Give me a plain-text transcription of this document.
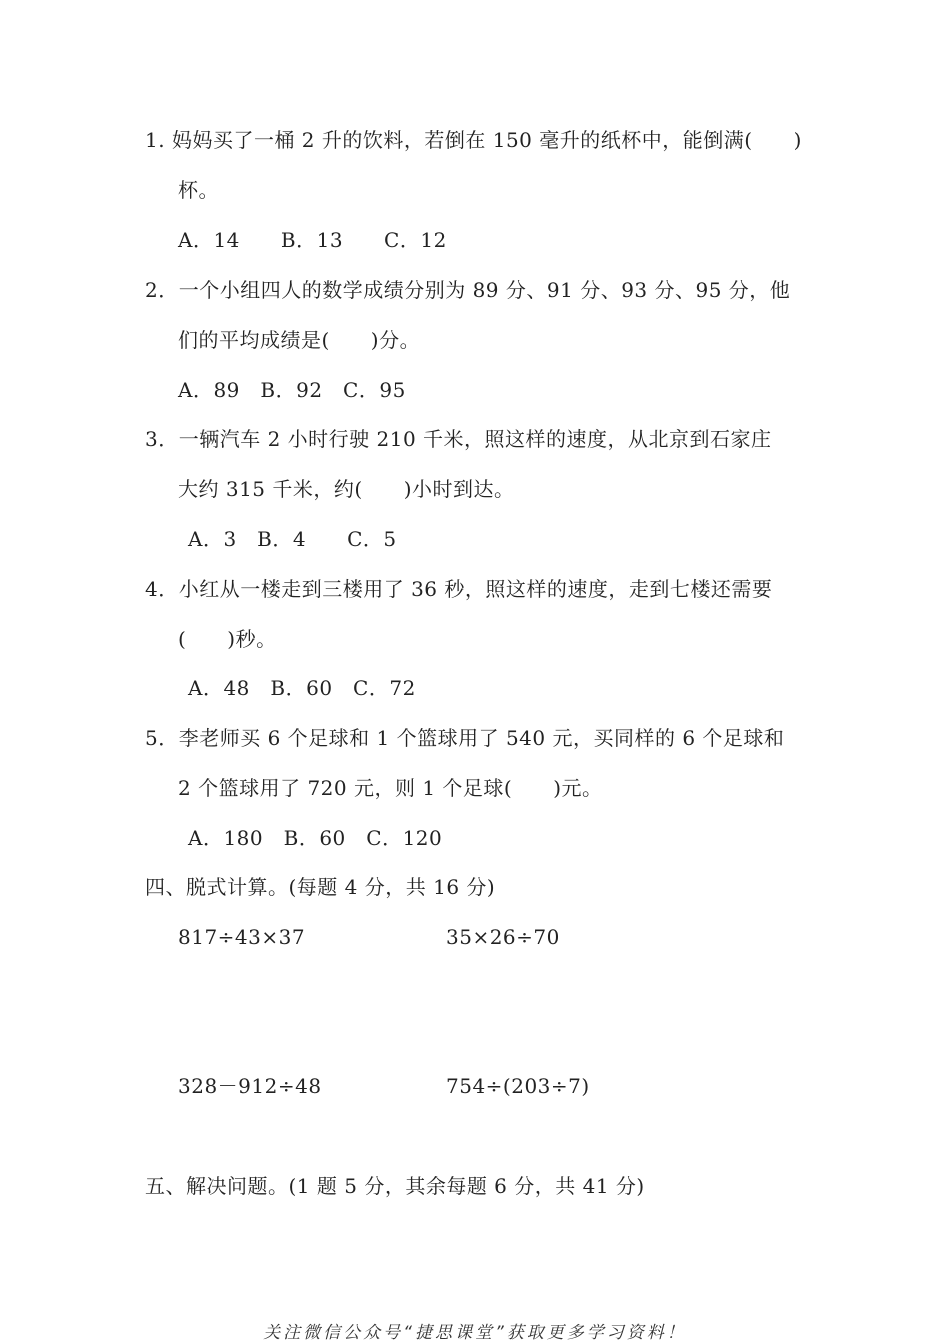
1. 妈妈买了一桶 2 升的饮料，若倒在 150 毫升的纸杯中，能倒满(　　)
杯。
A．14　　B．13　　C．12
2．一个小组四人的数学成绩分别为 89 分、91 分、93 分、95 分，他
们的平均成绩是(　　)分。
A．89　B．92　C．95
3．一辆汽车 2 小时行驶 210 千米，照这样的速度，从北京到石家庄
大约 315 千米，约(　　)小时到达。
A．3　B．4　　C．5
4．小红从一楼走到三楼用了 36 秒，照这样的速度，走到七楼还需要
(　　)秒。
A．48　B．60　C．72
5．李老师买 6 个足球和 1 个篮球用了 540 元，买同样的 6 个足球和
2 个篮球用了 720 元，则 1 个足球(　　)元。
A．180　B．60　C．120
四、脱式计算。(每题 4 分，共 16 分)
817÷43×37	35×26÷70
328－912÷48	754÷(203÷7)
五、解决问题。(1 题 5 分，其余每题 6 分，共 41 分)
关注微信公众号“捷思课堂”获取更多学习资料！
